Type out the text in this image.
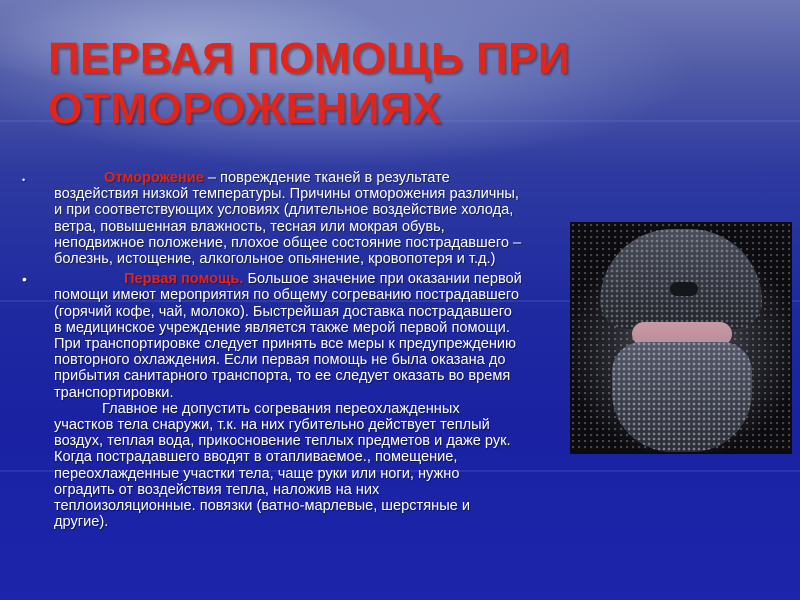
ПЕРВАЯ ПОМОЩЬ ПРИ ОТМОРОЖЕНИЯХ
•	Отморожение – повреждение тканей в результате воздействия низкой температуры. Причины отморожения различны, и при соответствующих условиях (длительное воздействие холода, ветра, повышенная влажность, тесная или мокрая обувь, неподвижное положение, плохое общее состояние пострадавшего – болезнь, истощение, алкогольное опьянение, кровопотеря и т.д.)
•	Первая помощь. Большое значение при оказании первой помощи имеют мероприятия по общему согреванию пострадавшего (горячий кофе, чай, молоко). Быстрейшая доставка пострадавшего в медицинское учреждение является также мерой первой помощи. При транспортировке следует принять все меры к предупреждению повторного охлаждения. Если первая помощь не была оказана до прибытия санитарного транспорта, то ее следует оказать во время транспортировки.
Главное не допустить согревания переохлажденных участков тела снаружи, т.к. на них губительно действует теплый воздух, теплая вода, прикосновение теплых предметов и даже рук.
Когда пострадавшего вводят в отапливаемое., помещение, переохлажденные участки тела, чаще руки или ноги, нужно оградить от воздействия тепла, наложив на них теплоизоляционные. повязки (ватно-марлевые, шерстяные и другие).
